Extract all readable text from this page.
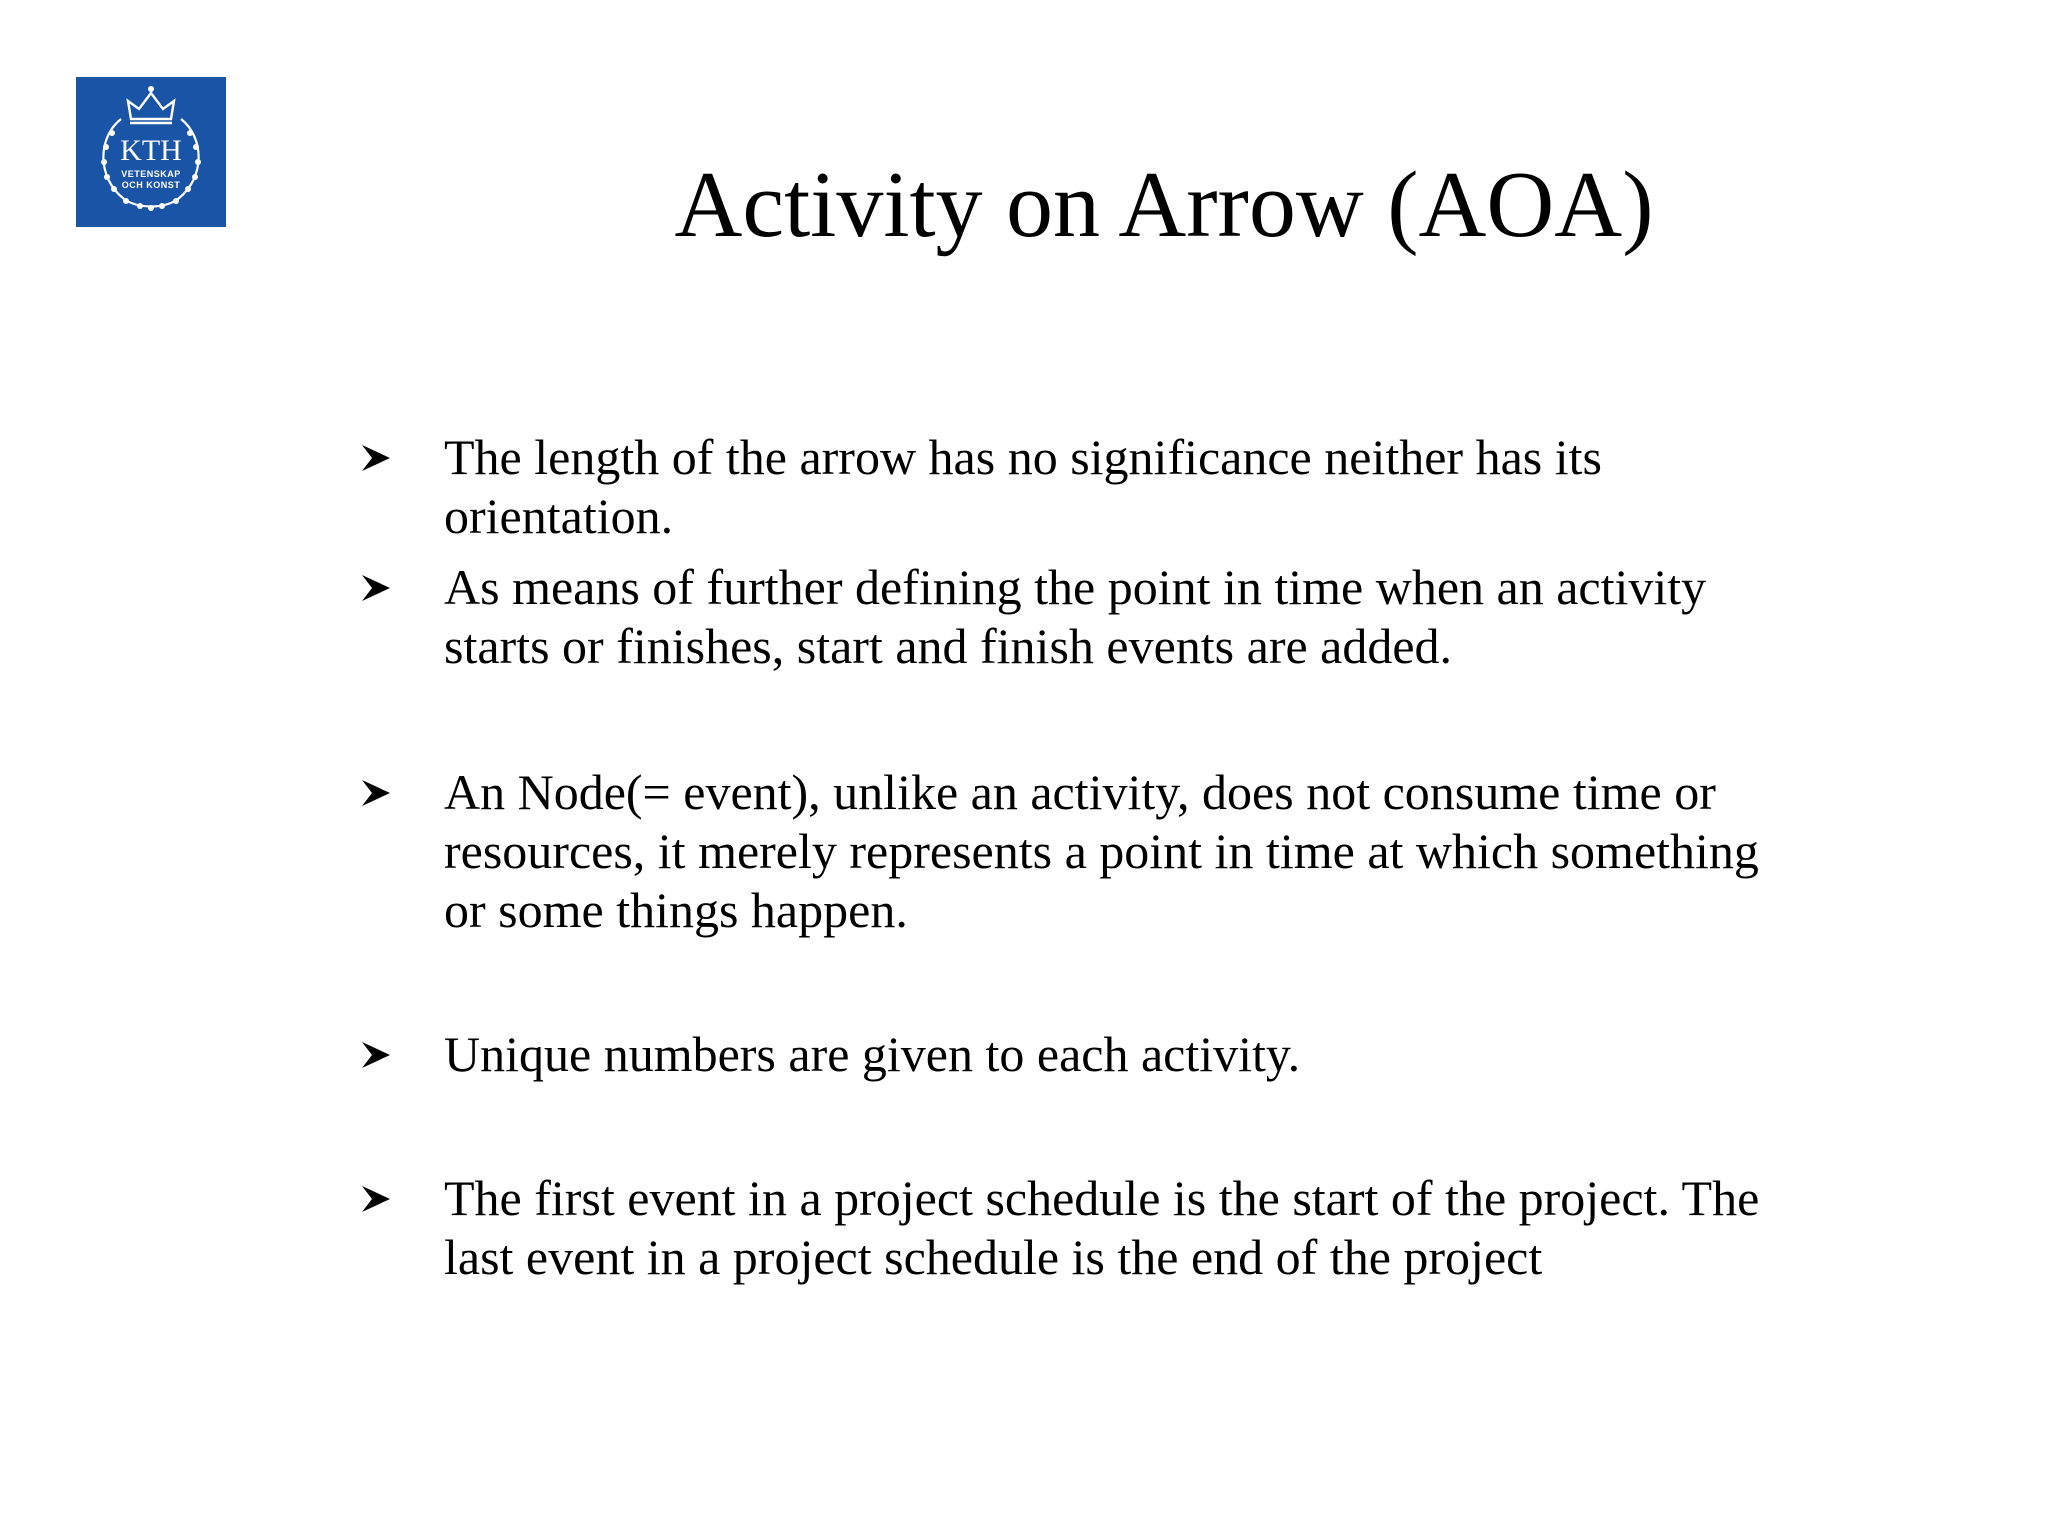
KTH
VETENSKAP
OCH KONST	Activity on Arrow (AOA)
The length of the arrow has no significance neither has its
orientation.
As means of further defining the point in time when an activity
starts or finishes, start and finish events are added.
An Node(= event), unlike an activity, does not consume time or
resources, it merely represents a point in time at which something
or some things happen.
Unique numbers are given to each activity.
The first event in a project schedule is the start of the project. The
last event in a project schedule is the end of the project
